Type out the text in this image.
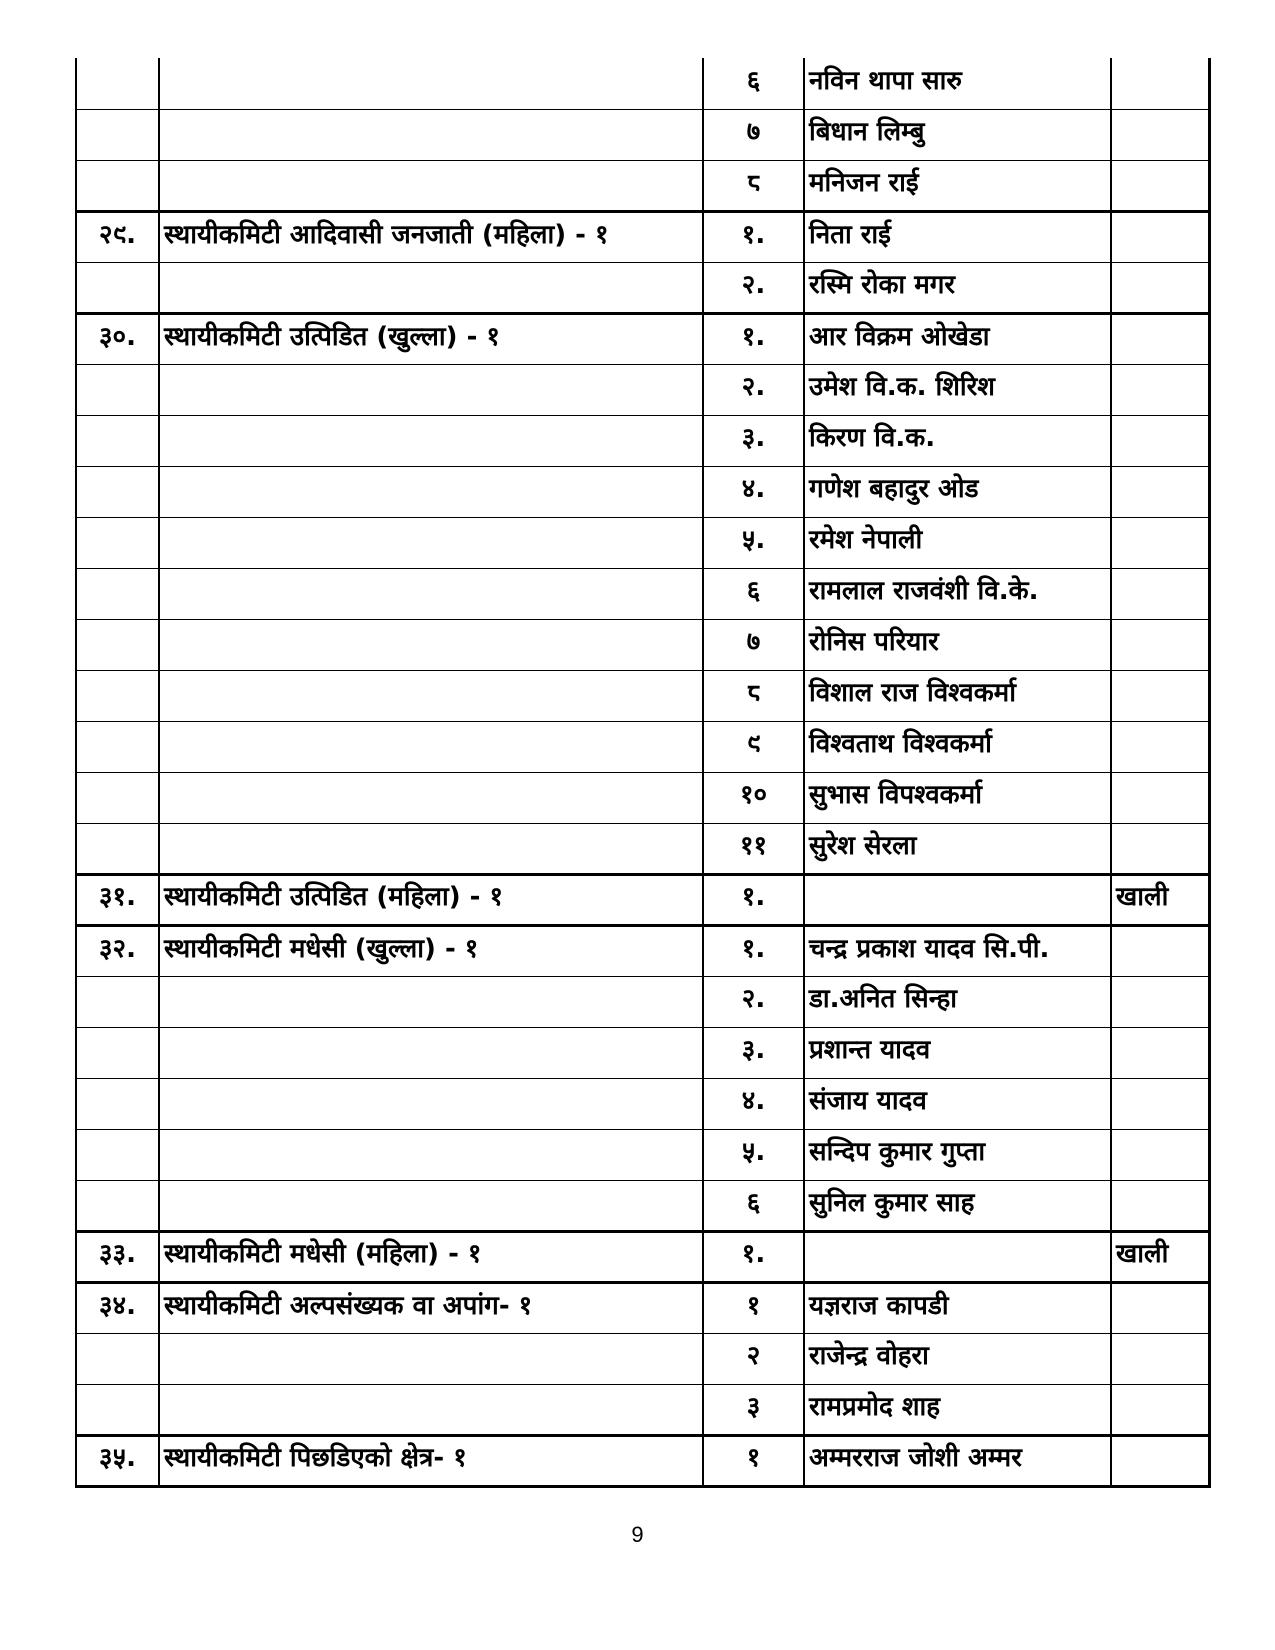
		६	नविन थापा सारु	
		७	बिधान लिम्बु	
		८	मनिजन राई	
२९.	स्थायीकमिटी आदिवासी जनजाती (महिला) - १	१.	निता राई	
		२.	रस्मि रोका मगर	
३०.	स्थायीकमिटी उत्पिडित (खुल्ला) - १	१.	आर विक्रम ओखेडा	
		२.	उमेश वि.क. शिरिश	
		३.	किरण वि.क.	
		४.	गणेश बहादुर ओड	
		५.	रमेश नेपाली	
		६	रामलाल राजवंशी वि.के.	
		७	रोनिस परियार	
		८	विशाल राज विश्वकर्मा	
		९	विश्वताथ विश्वकर्मा	
		१०	सुभास विपश्वकर्मा	
		११	सुरेश सेरला	
३१.	स्थायीकमिटी उत्पिडित (महिला) - १	१.		खाली
३२.	स्थायीकमिटी मधेसी (खुल्ला) - १	१.	चन्द्र प्रकाश यादव सि.पी.	
		२.	डा.अनित सिन्हा	
		३.	प्रशान्त यादव	
		४.	संजाय यादव	
		५.	सन्दिप कुमार गुप्ता	
		६	सुनिल कुमार साह	
३३.	स्थायीकमिटी मधेसी (महिला) - १	१.		खाली
३४.	स्थायीकमिटी अल्पसंख्यक वा अपांग- १	१	यज्ञराज कापडी	
		२	राजेन्द्र वोहरा	
		३	रामप्रमोद शाह	
३५.	स्थायीकमिटी पिछडिएको क्षेत्र- १	१	अम्मरराज जोशी अम्मर	
9
